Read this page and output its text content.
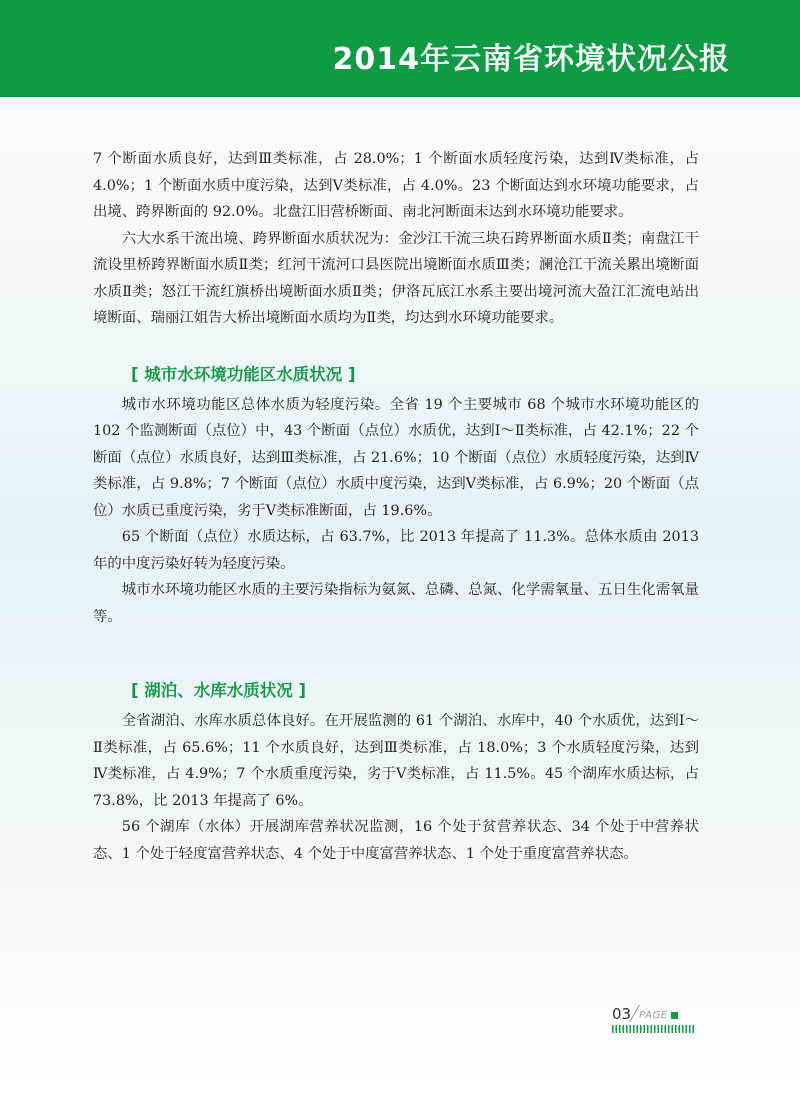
2014年云南省环境状况公报

7 个断面水质良好，达到Ⅲ类标准，占 28.0%；1 个断面水质轻度污染，达到Ⅳ类标准，占 4.0%；1 个断面水质中度污染，达到Ⅴ类标准，占 4.0%。23 个断面达到水环境功能要求，占出境、跨界断面的 92.0%。北盘江旧营桥断面、南北河断面未达到水环境功能要求。

六大水系干流出境、跨界断面水质状况为：金沙江干流三块石跨界断面水质Ⅱ类；南盘江干流设里桥跨界断面水质Ⅱ类；红河干流河口县医院出境断面水质Ⅲ类；澜沧江干流关累出境断面水质Ⅱ类；怒江干流红旗桥出境断面水质Ⅱ类；伊洛瓦底江水系主要出境河流大盈江汇流电站出境断面、瑞丽江姐告大桥出境断面水质均为Ⅱ类，均达到水环境功能要求。

[ 城市水环境功能区水质状况 ]

城市水环境功能区总体水质为轻度污染。全省 19 个主要城市 68 个城市水环境功能区的 102 个监测断面（点位）中，43 个断面（点位）水质优，达到Ⅰ～Ⅱ类标准，占 42.1%；22 个断面（点位）水质良好，达到Ⅲ类标准，占 21.6%；10 个断面（点位）水质轻度污染，达到Ⅳ类标准，占 9.8%；7 个断面（点位）水质中度污染，达到Ⅴ类标准，占 6.9%；20 个断面（点位）水质已重度污染，劣于Ⅴ类标准断面，占 19.6%。

65 个断面（点位）水质达标，占 63.7%，比 2013 年提高了 11.3%。总体水质由 2013 年的中度污染好转为轻度污染。

城市水环境功能区水质的主要污染指标为氨氮、总磷、总氮、化学需氧量、五日生化需氧量等。

[ 湖泊、水库水质状况 ]

全省湖泊、水库水质总体良好。在开展监测的 61 个湖泊、水库中，40 个水质优，达到Ⅰ～Ⅱ类标准，占 65.6%；11 个水质良好，达到Ⅲ类标准，占 18.0%；3 个水质轻度污染，达到Ⅳ类标准，占 4.9%；7 个水质重度污染，劣于Ⅴ类标准，占 11.5%。45 个湖库水质达标，占 73.8%，比 2013 年提高了 6%。

56 个湖库（水体）开展湖库营养状况监测，16 个处于贫营养状态、34 个处于中营养状态、1 个处于轻度富营养状态、4 个处于中度富营养状态、1 个处于重度富营养状态。

03 PAGE
